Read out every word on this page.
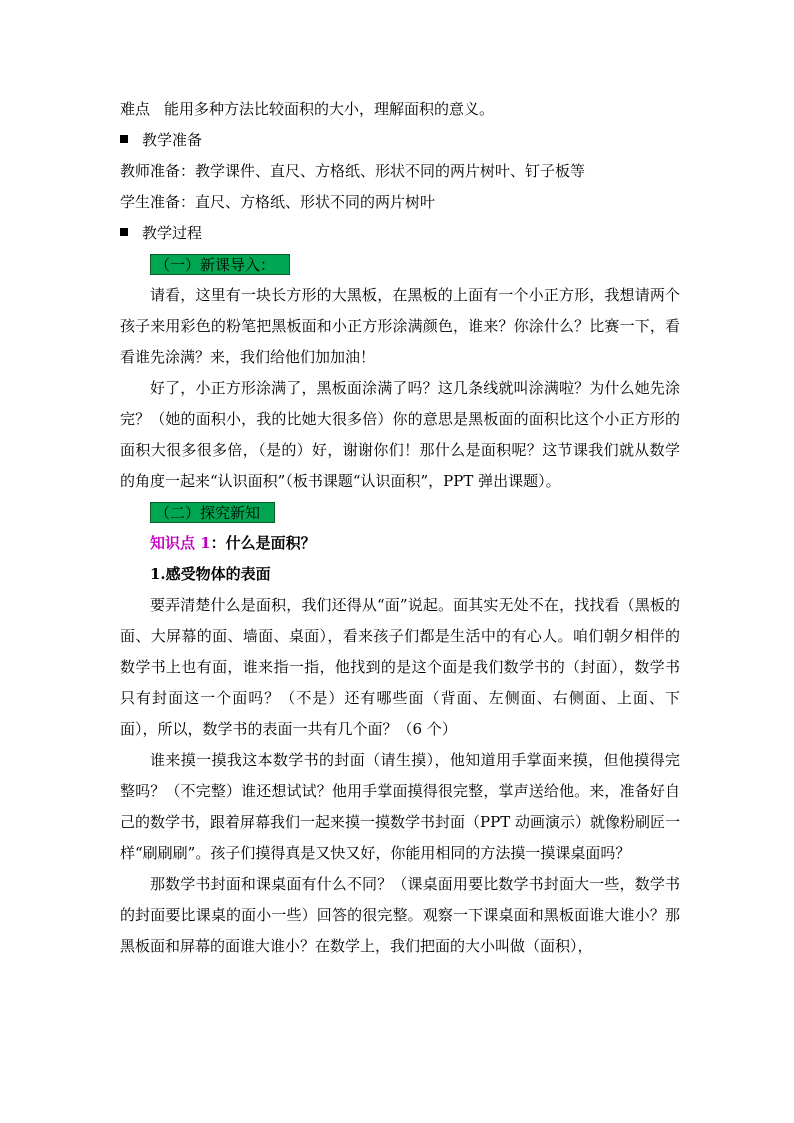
难点 能用多种方法比较面积的大小，理解面积的意义。
教学准备
教师准备：教学课件、直尺、方格纸、形状不同的两片树叶、钉子板等
学生准备：直尺、方格纸、形状不同的两片树叶
教学过程
（一）新课导入：
请看，这里有一块长方形的大黑板，在黑板的上面有一个小正方形，我想请两个孩子来用彩色的粉笔把黑板面和小正方形涂满颜色，谁来？你涂什么？比赛一下，看看谁先涂满？来，我们给他们加加油！
好了，小正方形涂满了，黑板面涂满了吗？这几条线就叫涂满啦？为什么她先涂完？（她的面积小，我的比她大很多倍）你的意思是黑板面的面积比这个小正方形的面积大很多很多倍，（是的）好，谢谢你们！那什么是面积呢？这节课我们就从数学的角度一起来“认识面积”（板书课题“认识面积”，PPT 弹出课题）。
（二）探究新知
知识点 1：什么是面积？
1.感受物体的表面
要弄清楚什么是面积，我们还得从“面”说起。面其实无处不在，找找看（黑板的面、大屏幕的面、墙面、桌面），看来孩子们都是生活中的有心人。咱们朝夕相伴的数学书上也有面，谁来指一指，他找到的是这个面是我们数学书的（封面），数学书只有封面这一个面吗？（不是）还有哪些面（背面、左侧面、右侧面、上面、下面），所以，数学书的表面一共有几个面？（6 个）
谁来摸一摸我这本数学书的封面（请生摸），他知道用手掌面来摸，但他摸得完整吗？（不完整）谁还想试试？他用手掌面摸得很完整，掌声送给他。来，准备好自己的数学书，跟着屏幕我们一起来摸一摸数学书封面（PPT 动画演示）就像粉刷匠一样“刷刷刷”。孩子们摸得真是又快又好，你能用相同的方法摸一摸课桌面吗？
那数学书封面和课桌面有什么不同？（课桌面用要比数学书封面大一些，数学书的封面要比课桌的面小一些）回答的很完整。观察一下课桌面和黑板面谁大谁小？那黑板面和屏幕的面谁大谁小？在数学上，我们把面的大小叫做（面积），
